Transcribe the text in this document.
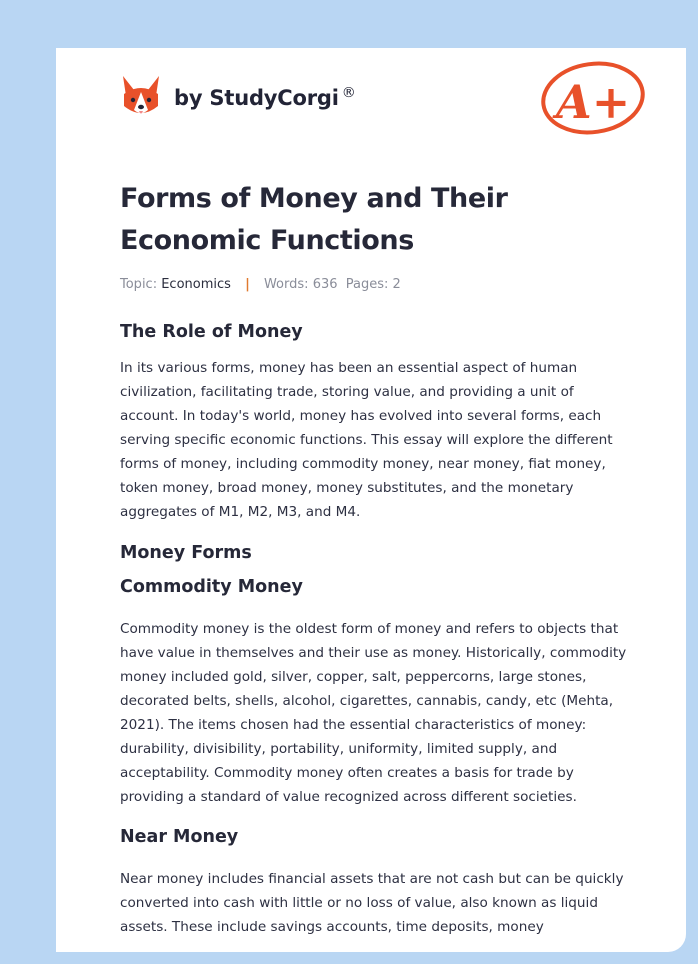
by StudyCorgi ®	A+
Forms of Money and Their Economic Functions
Topic: Economics | Words: 636 Pages: 2
The Role of Money

In its various forms, money has been an essential aspect of human civilization, facilitating trade, storing value, and providing a unit of account. In today's world, money has evolved into several forms, each serving specific economic functions. This essay will explore the different forms of money, including commodity money, near money, fiat money, token money, broad money, money substitutes, and the monetary aggregates of M1, M2, M3, and M4.

Money Forms
Commodity Money

Commodity money is the oldest form of money and refers to objects that have value in themselves and their use as money. Historically, commodity money included gold, silver, copper, salt, peppercorns, large stones, decorated belts, shells, alcohol, cigarettes, cannabis, candy, etc (Mehta, 2021). The items chosen had the essential characteristics of money: durability, divisibility, portability, uniformity, limited supply, and acceptability. Commodity money often creates a basis for trade by providing a standard of value recognized across different societies.

Near Money

Near money includes financial assets that are not cash but can be quickly converted into cash with little or no loss of value, also known as liquid assets. These include savings accounts, time deposits, money
